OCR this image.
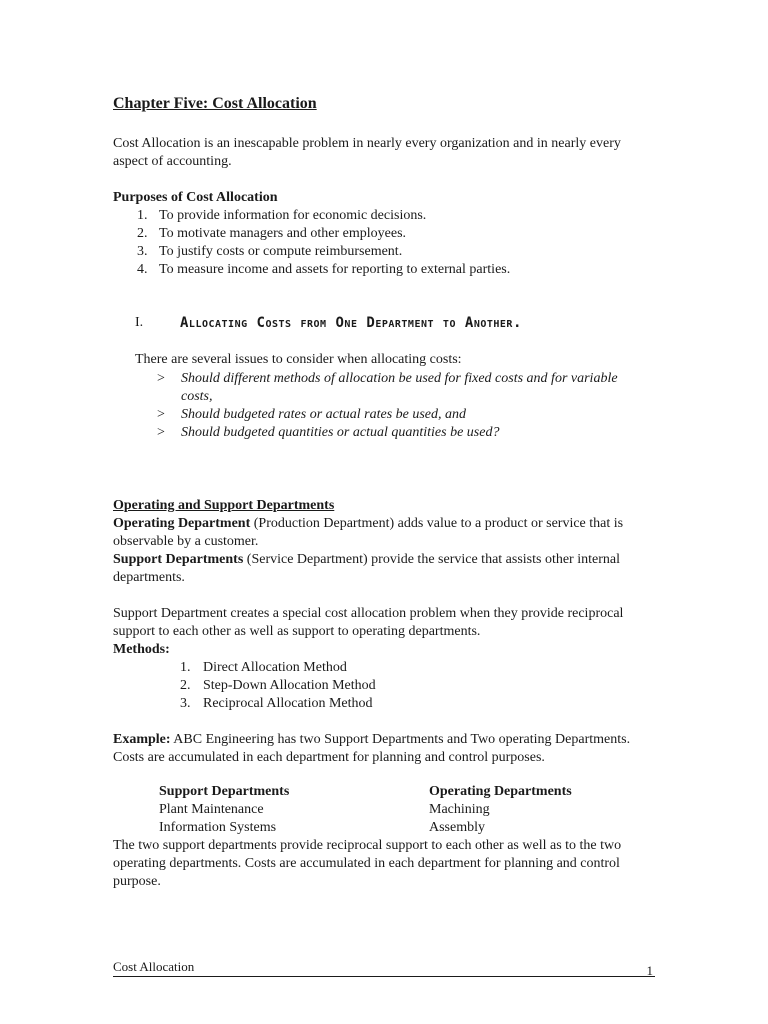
Chapter Five: Cost Allocation

Cost Allocation is an inescapable problem in nearly every organization and in nearly every aspect of accounting.

Purposes of Cost Allocation

1. To provide information for economic decisions.
2. To motivate managers and other employees.
3. To justify costs or compute reimbursement.
4. To measure income and assets for reporting to external parties.
I.	Allocating Costs from One Department to Another.

There are several issues to consider when allocating costs:

> Should different methods of allocation be used for fixed costs and for variable costs,
> Should budgeted rates or actual rates be used, and
> Should budgeted quantities or actual quantities be used?

Operating and Support Departments

Operating Department (Production Department) adds value to a product or service that is observable by a customer.

Support Departments (Service Department) provide the service that assists other internal departments.

Support Department creates a special cost allocation problem when they provide reciprocal support to each other as well as support to operating departments.

Methods:

1. Direct Allocation Method
2. Step-Down Allocation Method
3. Reciprocal Allocation Method

Example: ABC Engineering has two Support Departments and Two operating Departments. Costs are accumulated in each department for planning and control purposes.

Support Departments	Operating Departments
Plant Maintenance	Machining
Information Systems	Assembly

The two support departments provide reciprocal support to each other as well as to the two operating departments. Costs are accumulated in each department for planning and control purpose.

Cost Allocation	1
